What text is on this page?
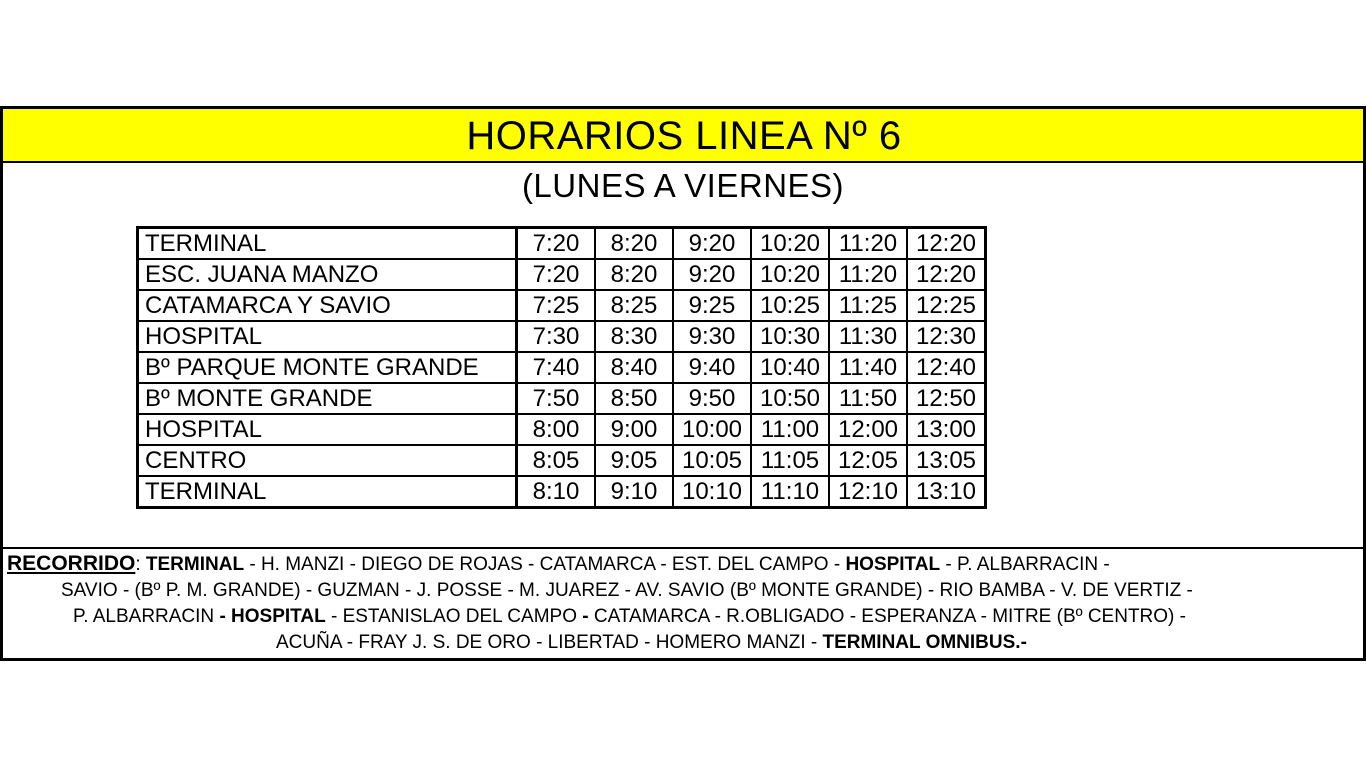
HORARIOS LINEA Nº 6
(LUNES A VIERNES)
TERMINAL	7:20	8:20	9:20	10:20	11:20	12:20
ESC. JUANA MANZO	7:20	8:20	9:20	10:20	11:20	12:20
CATAMARCA Y SAVIO	7:25	8:25	9:25	10:25	11:25	12:25
HOSPITAL	7:30	8:30	9:30	10:30	11:30	12:30
Bº PARQUE MONTE GRANDE	7:40	8:40	9:40	10:40	11:40	12:40
Bº MONTE GRANDE	7:50	8:50	9:50	10:50	11:50	12:50
HOSPITAL	8:00	9:00	10:00	11:00	12:00	13:00
CENTRO	8:05	9:05	10:05	11:05	12:05	13:05
TERMINAL	8:10	9:10	10:10	11:10	12:10	13:10
RECORRIDO: TERMINAL - H. MANZI - DIEGO DE ROJAS - CATAMARCA - EST. DEL CAMPO - HOSPITAL - P. ALBARRACIN -
SAVIO - (Bº P. M. GRANDE) - GUZMAN - J. POSSE - M. JUAREZ - AV. SAVIO (Bº MONTE GRANDE) - RIO BAMBA - V. DE VERTIZ -
P. ALBARRACIN - HOSPITAL - ESTANISLAO DEL CAMPO - CATAMARCA - R.OBLIGADO - ESPERANZA - MITRE (Bº CENTRO) -
ACUÑA - FRAY J. S. DE ORO - LIBERTAD - HOMERO MANZI - TERMINAL OMNIBUS.-
